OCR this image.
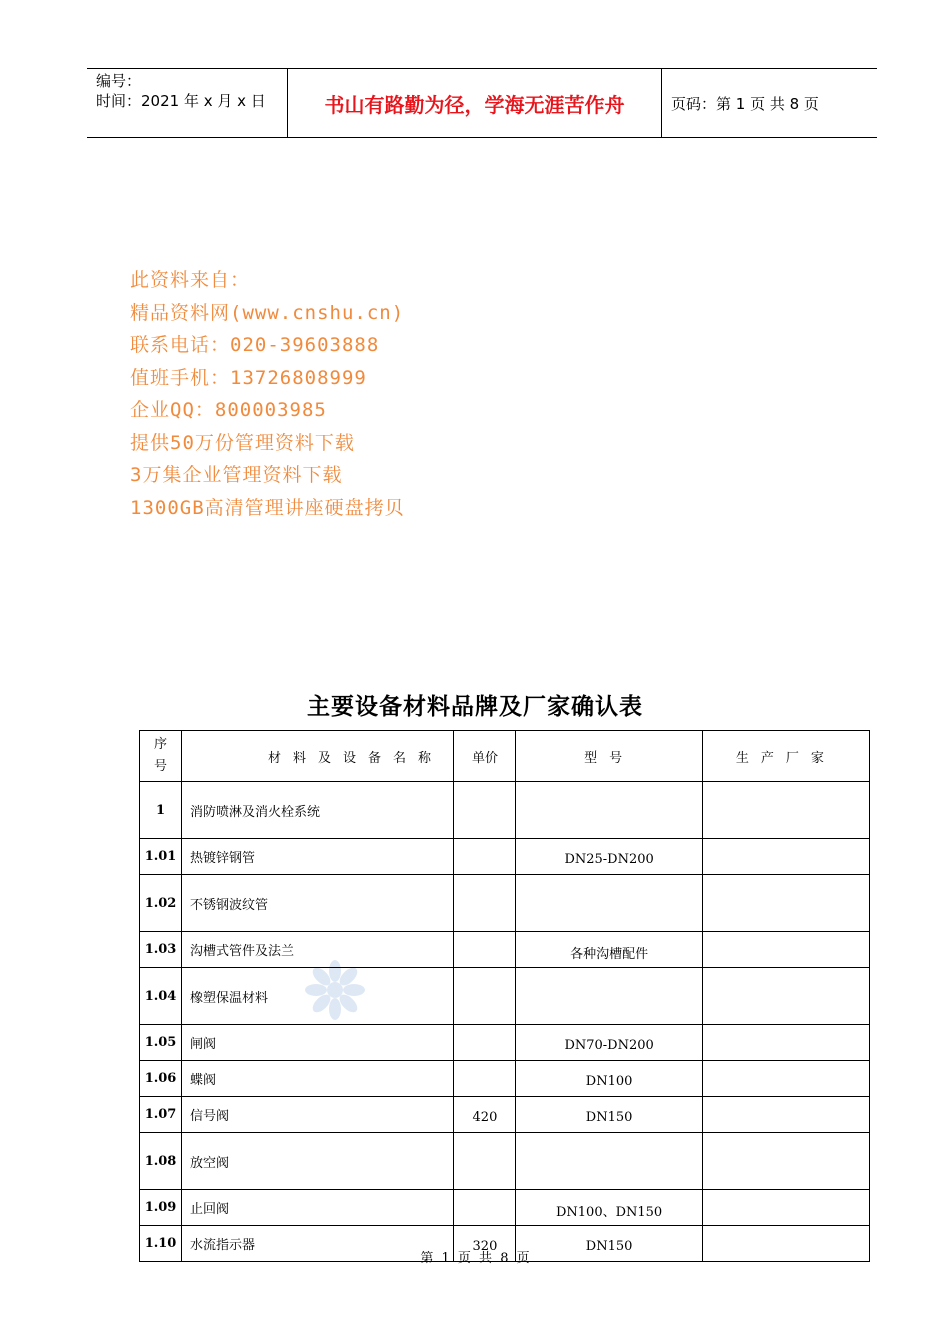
编号：
时间：2021 年 x 月 x 日	书山有路勤为径，学海无涯苦作舟	页码：第 1 页 共 8 页
此资料来自：
精品资料网(www.cnshu.cn)
联系电话：020-39603888
值班手机：13726808999
企业QQ：800003985
提供50万份管理资料下载
3万集企业管理资料下载
1300GB高清管理讲座硬盘拷贝
主要设备材料品牌及厂家确认表
序
号	材料及设备名称	单价	型号	生产厂家
1	消防喷淋及消火栓系统			
1.01	热镀锌钢管		DN25-DN200	
1.02	不锈钢波纹管			
1.03	沟槽式管件及法兰		各种沟槽配件	
1.04	橡塑保温材料			
1.05	闸阀		DN70-DN200	
1.06	蝶阀		DN100	
1.07	信号阀	420	DN150	
1.08	放空阀			
1.09	止回阀		DN100、DN150	
1.10	水流指示器	320	DN150	
第 1 页 共 8 页
